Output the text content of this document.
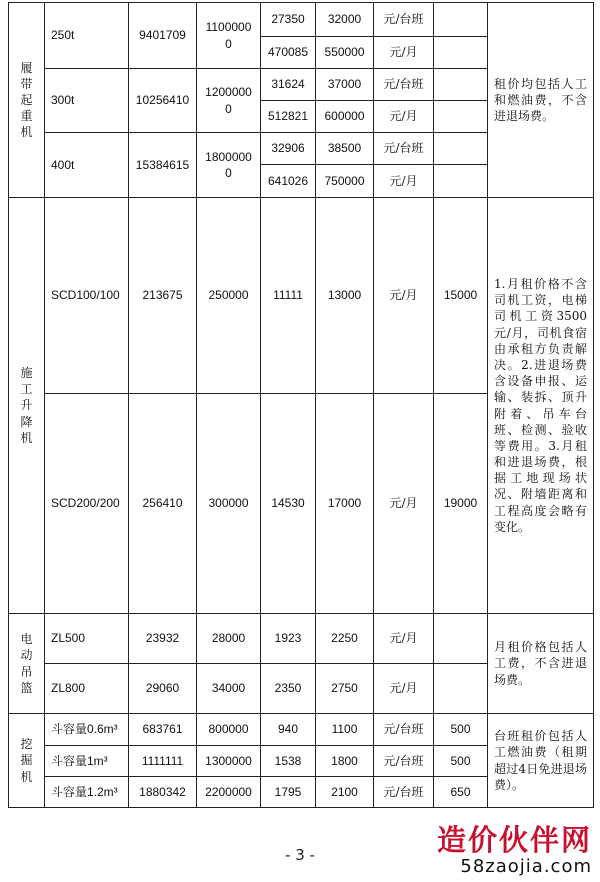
履带起重机	250t	9401709	11000000	27350	32000	元/台班		租价均包括人工和燃油费，不含进退场费。
				470085	550000	元/月		
	300t	10256410	12000000	31624	37000	元/台班		
				512821	600000	元/月		
	400t	15384615	18000000	32906	38500	元/台班		
				641026	750000	元/月		
施工升降机	SCD100/100	213675	250000	11111	13000	元/月	15000	1.月租价格不含司机工资，电梯司机工资3500元/月，司机食宿由承租方负责解决。2.进退场费含设备申报、运输、装拆、顶升附着、吊车台班、检测、验收等费用。3.月租和进退场费，根据工地现场状况、附墙距离和工程高度会略有变化。
	SCD200/200	256410	300000	14530	17000	元/月	19000	
电动吊篮	ZL500	23932	28000	1923	2250	元/月		月租价格包括人工费，不含进退场费。
	ZL800	29060	34000	2350	2750	元/月		
挖掘机	斗容量0.6m³	683761	800000	940	1100	元/台班	500	台班租价包括人工燃油费（租期超过4日免进退场费）。
	斗容量1m³	1111111	1300000	1538	1800	元/台班	500	
	斗容量1.2m³	1880342	2200000	1795	2100	元/台班	650	
- 3 -	造价伙伴网
58zaojia.com
